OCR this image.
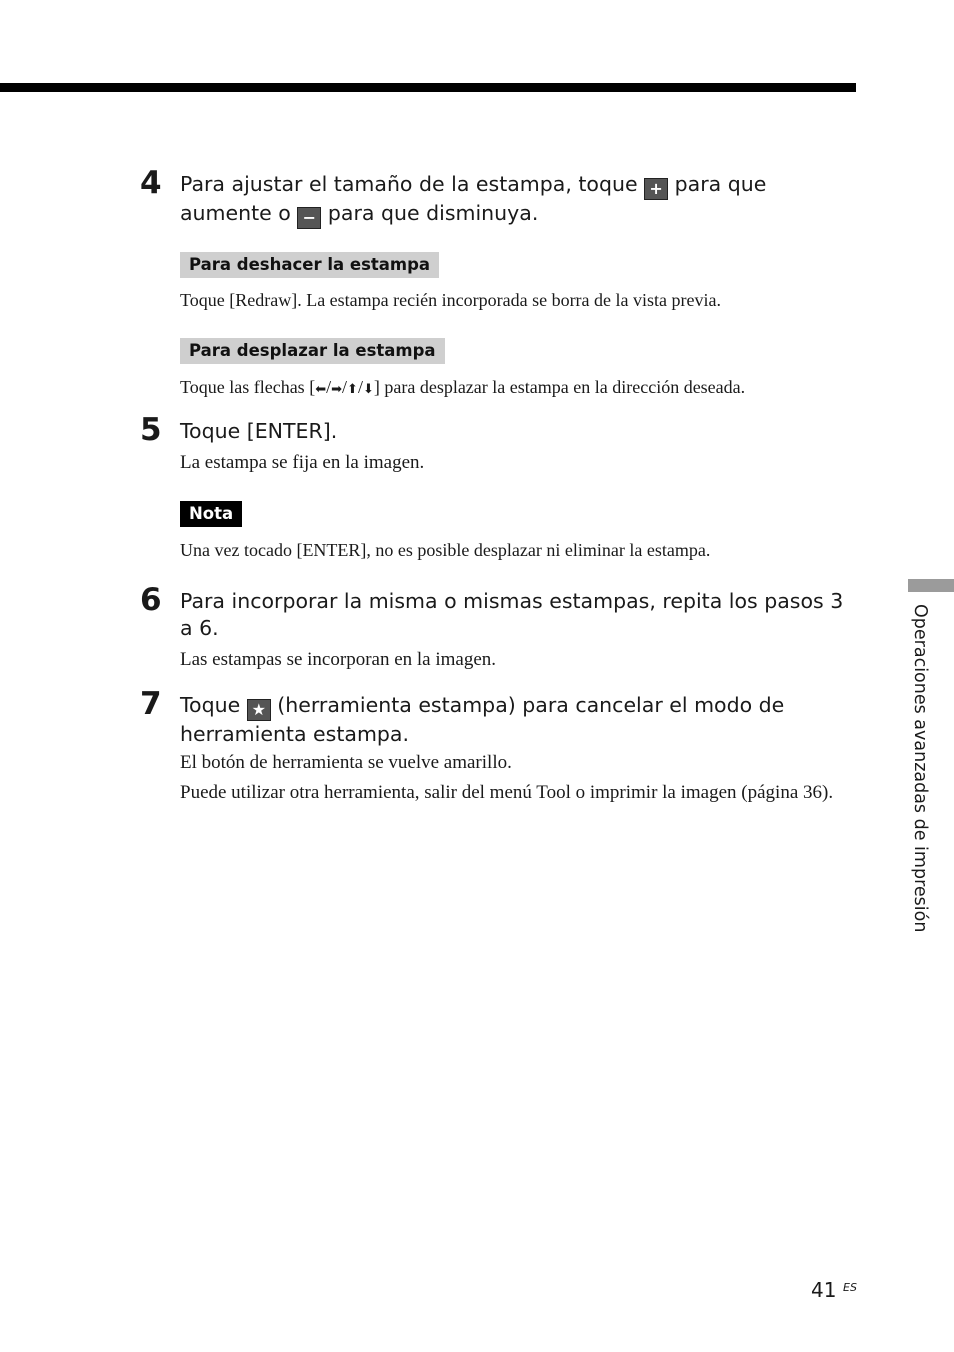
4 Para ajustar el tamaño de la estampa, toque + para que aumente o − para que disminuya.
Para deshacer la estampa
Toque [Redraw]. La estampa recién incorporada se borra de la vista previa.
Para desplazar la estampa
Toque las flechas [⬅/➡/⬆/⬇] para desplazar la estampa en la dirección deseada.
5 Toque [ENTER].
La estampa se fija en la imagen.
Nota
Una vez tocado [ENTER], no es posible desplazar ni eliminar la estampa.
6 Para incorporar la misma o mismas estampas, repita los pasos 3 a 6.
Las estampas se incorporan en la imagen.
7 Toque ★ (herramienta estampa) para cancelar el modo de herramienta estampa.
El botón de herramienta se vuelve amarillo.
Puede utilizar otra herramienta, salir del menú Tool o imprimir la imagen (página 36).	Operaciones avanzadas de impresión
41 ES
